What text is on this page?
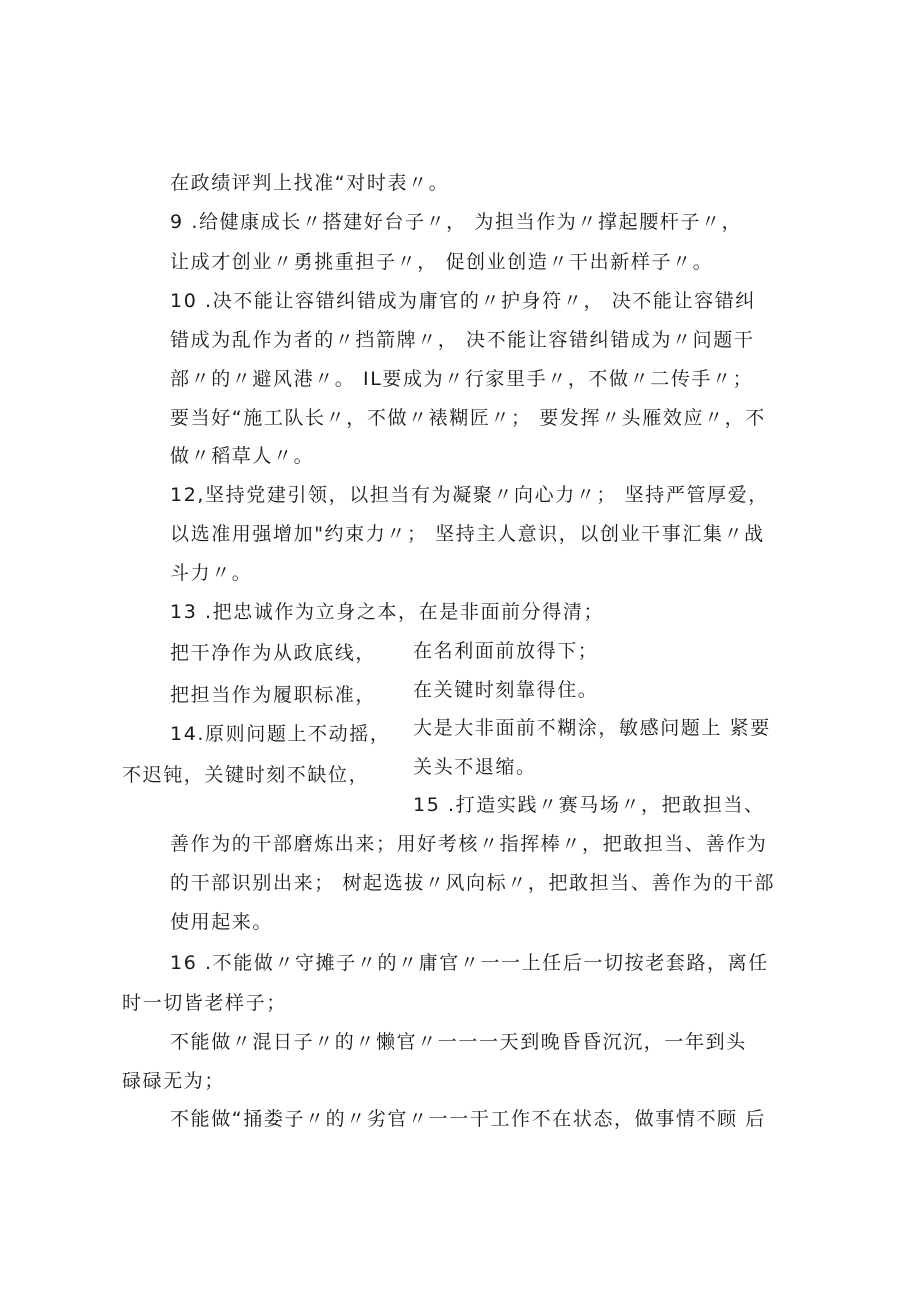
在政绩评判上找准“对时表〃。
9 .给健康成长〃搭建好台子〃， 为担当作为〃撑起腰杆子〃，
让成才创业〃勇挑重担子〃， 促创业创造〃干出新样子〃。
10 .决不能让容错纠错成为庸官的〃护身符〃， 决不能让容错纠
错成为乱作为者的〃挡箭牌〃， 决不能让容错纠错成为〃问题干
部〃的〃避风港〃。 IL要成为〃行家里手〃，不做〃二传手〃；
要当好“施工队长〃，不做〃裱糊匠〃； 要发挥〃头雁效应〃，不
做〃稻草人〃。
12,坚持党建引领，以担当有为凝聚〃向心力〃； 坚持严管厚爱，
以选准用强增加"约束力〃； 坚持主人意识，以创业干事汇集〃战
斗力〃。
13 .把忠诚作为立身之本，在是非面前分得清；
把干净作为从政底线， 在名利面前放得下；
把担当作为履职标准， 在关键时刻靠得住。
14.原则问题上不动摇， 大是大非面前不糊涂，敏感问题上 紧要
不迟钝，关键时刻不缺位， 关头不退缩。
15 .打造实践〃赛马场〃，把敢担当、
善作为的干部磨炼出来；用好考核〃指挥棒〃，把敢担当、善作为
的干部识别出来； 树起选拔〃风向标〃，把敢担当、善作为的干部
使用起来。
16 .不能做〃守摊子〃的〃庸官〃一一上任后一切按老套路，离任
时一切皆老样子；
不能做〃混日子〃的〃懒官〃一一一天到晚昏昏沉沉，一年到头
碌碌无为；
不能做“捅娄子〃的〃劣官〃一一干工作不在状态，做事情不顾 后
